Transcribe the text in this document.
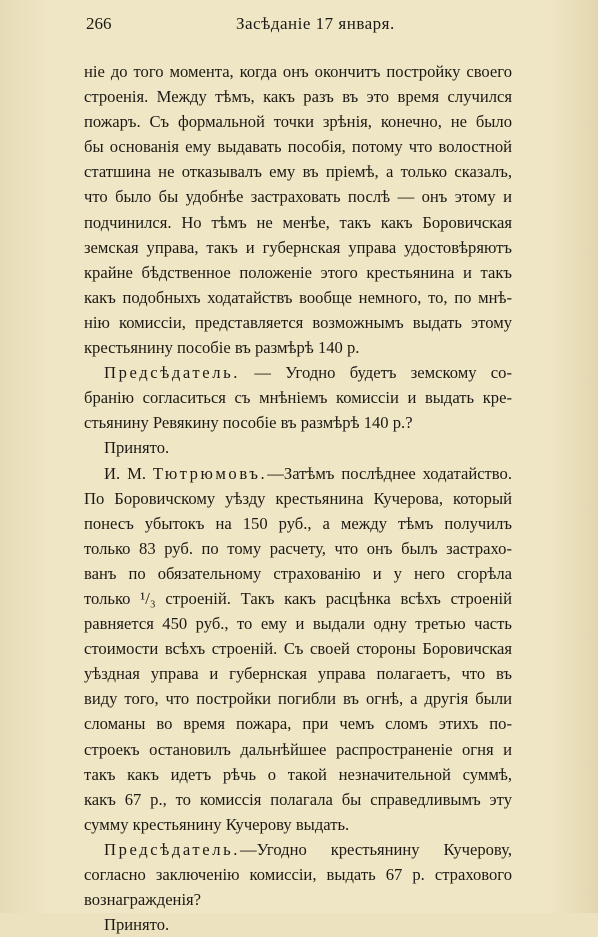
266	Засѣданіе 17 января.
ніе до того момента, когда онъ окончитъ постройку своего
строенія. Между тѣмъ, какъ разъ въ это время случился
пожаръ. Съ формальной точки зрѣнія, конечно, не было
бы основанія ему выдавать пособія, потому что волостной
статшина не отказывалъ ему въ пріемѣ, а только сказалъ,
что было бы удобнѣе застраховать послѣ — онъ этому и
подчинился. Но тѣмъ не менѣе, такъ какъ Боровичская
земская управа, такъ и губернская управа удостовѣряютъ
крайне бѣдственное положеніе этого крестьянина и такъ
какъ подобныхъ ходатайствъ вообще немного, то, по мнѣ-
нію комиссіи, представляется возможнымъ выдать этому
крестьянину пособіе въ размѣрѣ 140 р.
Предсѣдатель. — Угодно будетъ земскому со-
бранію согласиться съ мнѣніемъ комиссіи и выдать кре-
стьянину Ревякину пособіе въ размѣрѣ 140 р.?
Принято.
И. М. Тютрюмовъ.—Затѣмъ послѣднее ходатайство.
По Боровичскому уѣзду крестьянина Кучерова, который
понесъ убытокъ на 150 руб., а между тѣмъ получилъ
только 83 руб. по тому расчету, что онъ былъ застрахо-
ванъ по обязательному страхованію и у него сгорѣла
только ¹/₃ строеній. Такъ какъ расцѣнка всѣхъ строеній
равняется 450 руб., то ему и выдали одну третью часть
стоимости всѣхъ строеній. Съ своей стороны Боровичская
уѣздная управа и губернская управа полагаетъ, что въ
виду того, что постройки погибли въ огнѣ, а другія были
сломаны во время пожара, при чемъ сломъ этихъ по-
строекъ остановилъ дальнѣйшее распространеніе огня и
такъ какъ идетъ рѣчь о такой незначительной суммѣ,
какъ 67 р., то комиссія полагала бы справедливымъ эту
сумму крестьянину Кучерову выдать.
Предсѣдатель.—Угодно крестьянину Кучерову,
согласно заключенію комиссіи, выдать 67 р. страхового
вознагражденія?
Принято.
